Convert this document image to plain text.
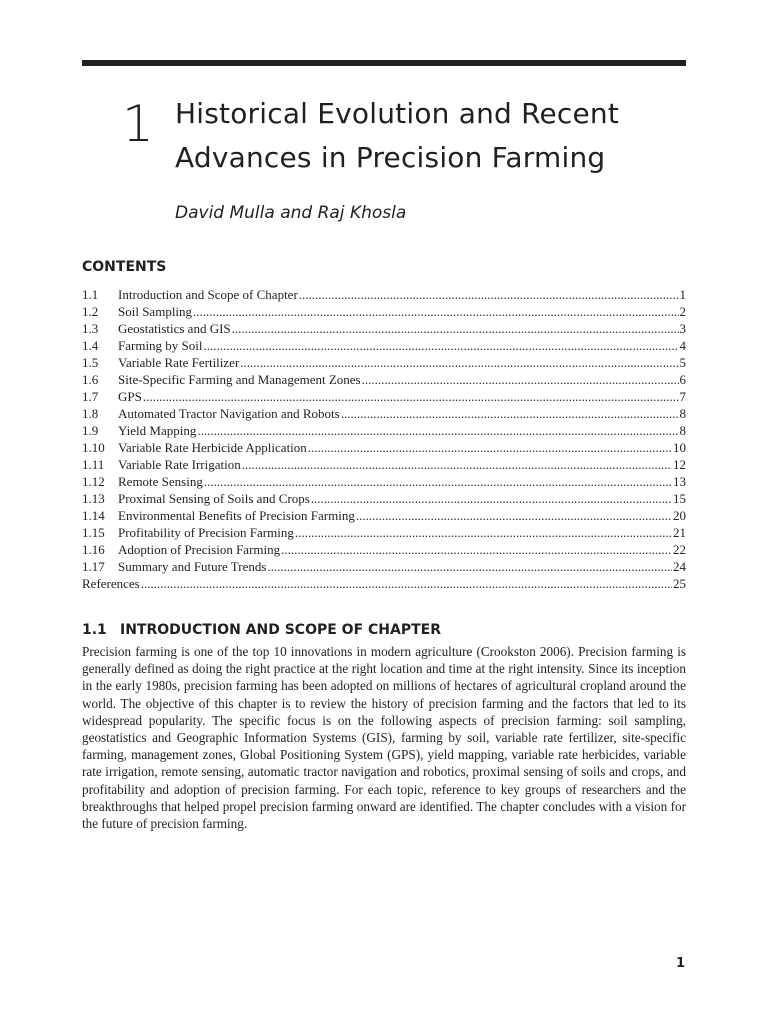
1 Historical Evolution and Recent
Advances in Precision Farming
David Mulla and Raj Khosla
CONTENTS
1.1	Introduction and Scope of Chapter .....	1
1.2	Soil Sampling .....	2
1.3	Geostatistics and GIS .....	3
1.4	Farming by Soil .....	4
1.5	Variable Rate Fertilizer .....	5
1.6	Site-Specific Farming and Management Zones .....	6
1.7	GPS .....	7
1.8	Automated Tractor Navigation and Robots .....	8
1.9	Yield Mapping .....	8
1.10	Variable Rate Herbicide Application .....	10
1.11	Variable Rate Irrigation .....	12
1.12	Remote Sensing .....	13
1.13	Proximal Sensing of Soils and Crops .....	15
1.14	Environmental Benefits of Precision Farming .....	20
1.15	Profitability of Precision Farming .....	21
1.16	Adoption of Precision Farming .....	22
1.17	Summary and Future Trends .....	24
References .....	25
1.1 INTRODUCTION AND SCOPE OF CHAPTER
Precision farming is one of the top 10 innovations in modern agriculture (Crookston 2006). Precision farming is generally defined as doing the right practice at the right location and time at the right intensity. Since its inception in the early 1980s, precision farming has been adopted on millions of hectares of agricultural cropland around the world. The objective of this chapter is to review the history of precision farming and the factors that led to its widespread popularity. The specific focus is on the following aspects of precision farming: soil sampling, geostatistics and Geographic Information Systems (GIS), farming by soil, variable rate fertilizer, site-specific farming, management zones, Global Positioning System (GPS), yield mapping, variable rate herbicides, variable rate irrigation, remote sensing, automatic tractor navigation and robotics, proximal sensing of soils and crops, and profitability and adoption of precision farming. For each topic, reference to key groups of researchers and the breakthroughs that helped propel precision farming onward are identified. The chapter concludes with a vision for the future of precision farming.
1
